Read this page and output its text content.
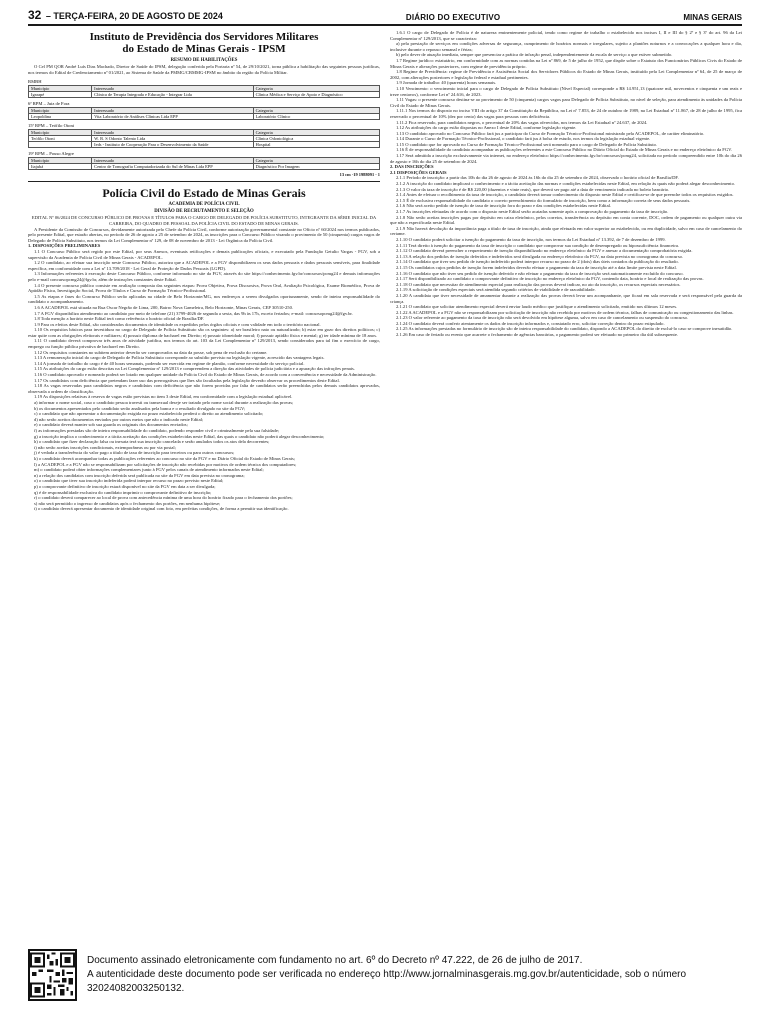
32 – TERÇA-FEIRA, 20 DE AGOSTO DE 2024	DIÁRIO DO EXECUTIVO	MINAS GERAIS
Instituto de Previdência dos Servidores Militares
do Estado de Minas Gerais - IPSM
RESUMO DE HABILITAÇÕES

O Cel PM QOR André Luís Dias Machado, Diretor de Saúde do IPSM, delegação conferida pela Portaria nº 54, de 29/10/2021, torna pública a habilitação das seguintes pessoas jurídicas, nos termos do Edital de Credenciamento nº 01/2021, ao Sistema de Saúde da PMMG/CBMMG-IPSM no âmbito da região da Polícia Militar.

RMBH
Município	Interessado	Categoria
Igarapé	Clínica de Terapia Integrada e Educação - Integrar Ltda	Clínica Médica e Serviço de Apoio e Diagnóstico
6ª RPM – Juiz de Fora
Município	Interessado	Categoria
Leopoldina	Vita Laboratório de Análises Clínicas Ltda EPP	Laboratório Clínico
15ª RPM – Teófilo Otoni
Município	Interessado	Categoria
Teófilo Otoni	W. R. S Odonto Talento Ltda	Clínica Odontológica
	Ieds - Instituto de Cooperação Para o Desenvolvimento da Saúde	Hospital
19ª RPM – Pouso Alegre
Município	Interessado	Categoria
Itajubá	Centro de Tomografia Computadorizada do Sul de Minas Ltda EPP	Diagnóstico Por Imagem
13 cm -19 1988091 - 1
Polícia Civil do Estado de Minas Gerais
ACADEMIA DE POLÍCIA CIVIL
DIVISÃO DE RECRUTAMENTO E SELEÇÃO

EDITAL Nº 06/2024 DE CONCURSO PÚBLICO DE PROVAS E TÍTULOS PARA O CARGO DE DELEGADO DE POLÍCIA SUBSTITUTO, INTEGRANTE DA SÉRIE INICIAL DA CARREIRA, DO QUADRO DE PESSOAL DA POLÍCIA CIVIL DO ESTADO DE MINAS GERAIS.

A Presidente da Comissão de Concursos, devidamente autorizada pelo Chefe da Polícia Civil, conforme autorização governamental constante no Ofício nº 60/2024 nos termos publicados, pelo presente Edital, que estarão abertas, no período de 26 de agosto a 25 de setembro de 2024, as inscrições para o Concurso Público visando o provimento de 50 (cinquenta) cargos vagos de Delegado de Polícia Substituto, nos termos da Lei Complementar nº 129, de 08 de novembro de 2013 - Lei Orgânica da Polícia Civil.

1. DISPOSIÇÕES PRELIMINARES

1.1 O Concurso Público será regido por este Edital, por seus Anexos, eventuais retificações e demais publicações oficiais, e executado pela Fundação Getulio Vargas - FGV, sob a supervisão da Academia de Polícia Civil de Minas Gerais - ACADEPOL.

1.2 O candidato, ao efetuar sua inscrição neste Concurso Público, autoriza que a ACADEPOL e a FGV disponibilizem os seus dados pessoais e dados pessoais sensíveis, para finalidade específica, em conformidade com a Lei nº 13.709/2018 - Lei Geral de Proteção de Dados Pessoais (LGPD).

1.3 Informações referentes à execução deste Concurso Público, conforme informado no site da FGV, através do site https://conhecimento.fgv.br/concursos/pcmg24 e demais informações pelo e-mail concursopcmg24@fgv.br, além de instruções constantes deste Edital.

1.4 O presente concurso público consiste em avaliação composta das seguintes etapas: Prova Objetiva, Prova Discursiva, Prova Oral, Avaliação Psicológica, Exame Biomédico, Prova de Aptidão Física, Investigação Social, Prova de Títulos e Curso de Formação Técnico-Profissional.

1.5 As etapas e fases do Concurso Público serão aplicadas na cidade de Belo Horizonte/MG, nos endereços a serem divulgados oportunamente, sendo de inteira responsabilidade do candidato o acompanhamento.

1.6 A ACADEPOL está situada na Rua Oscar Negrão de Lima, 200, Bairro Nova Gameleira, Belo Horizonte, Minas Gerais, CEP 30510-250.

1.7 A FGV disponibiliza atendimento ao candidato por meio de telefone (21) 3799-4026 de segunda a sexta, das 9h às 17h, exceto feriados; e-mail: concursopcmg24@fgv.br.

1.8 Toda menção a horário neste Edital terá como referência o horário oficial de Brasília/DF.

1.9 Para os efeitos deste Edital, são considerados documentos de identidade os expedidos pelos órgãos oficiais e com validade em todo o território nacional.

1.10 Os requisitos básicos para investidura no cargo de Delegado de Polícia Substituto são os seguintes: a) ser brasileiro nato ou naturalizado; b) estar em gozo dos direitos políticos; c) estar quite com as obrigações eleitorais e militares; d) possuir diploma de bacharel em Direito; e) possuir idoneidade moral; f) possuir aptidão física e mental; g) ter idade mínima de 18 anos.

1.11 O candidato deverá comprovar três anos de atividade jurídica, nos termos do art. 103 da Lei Complementar nº 129/2013, sendo considerados para tal fim o exercício de cargo, emprego ou função pública privativa de bacharel em Direito.

1.12 Os requisitos constantes no subitem anterior deverão ser comprovados na data da posse, sob pena de exclusão do certame.

1.13 A remuneração inicial do cargo de Delegado de Polícia Substituto corresponde ao subsídio previsto na legislação vigente, acrescido das vantagens legais.

1.14 A jornada de trabalho do cargo é de 40 horas semanais, podendo ser exercida em regime de plantão, conforme necessidade do serviço policial.

1.15 As atribuições do cargo estão descritas na Lei Complementar nº 129/2013 e compreendem a direção das atividades de polícia judiciária e a apuração das infrações penais.

1.16 O candidato aprovado e nomeado poderá ser lotado em qualquer unidade da Polícia Civil do Estado de Minas Gerais, de acordo com a conveniência e necessidade da Administração.

1.17 Os candidatos com deficiência que pretendam fazer uso das prerrogativas que lhes são facultadas pela legislação deverão observar os procedimentos deste Edital.

1.18 As vagas reservadas para candidatos negros e candidatos com deficiência que não forem providas por falta de candidatos serão preenchidas pelos demais candidatos aprovados, observada a ordem de classificação.

1.19 As disposições relativas à reserva de vagas estão previstas no item 3 deste Edital, em conformidade com a legislação estadual aplicável.

a) informar o nome social, caso o candidato pessoa travesti ou transexual deseje ser tratado pelo nome social durante a realização das provas;

b) os documentos apresentados pelo candidato serão analisados pela banca e o resultado divulgado no site da FGV;

c) o candidato que não apresentar a documentação exigida no prazo estabelecido perderá o direito ao atendimento solicitado;

d) não serão aceitos documentos enviados por outros meios que não o indicado neste Edital;

e) o candidato deverá manter sob sua guarda os originais dos documentos enviados;

f) as informações prestadas são de inteira responsabilidade do candidato, podendo responder civil e criminalmente pela sua falsidade;

g) a inscrição implica o conhecimento e a tácita aceitação das condições estabelecidas neste Edital, das quais o candidato não poderá alegar desconhecimento;

h) o candidato que fizer declaração falsa ou inexata terá sua inscrição cancelada e serão anulados todos os atos dela decorrentes;

i) não serão aceitas inscrições condicionais, extemporâneas ou por via postal;

j) é vedada a transferência do valor pago a título de taxa de inscrição para terceiros ou para outros concursos;

k) o candidato deverá acompanhar todas as publicações referentes ao concurso no site da FGV e no Diário Oficial do Estado de Minas Gerais;

l) a ACADEPOL e a FGV não se responsabilizam por solicitações de inscrição não recebidas por motivos de ordem técnica dos computadores;

m) o candidato poderá obter informações complementares junto à FGV pelos canais de atendimento informados neste Edital;

n) a relação dos candidatos com inscrição deferida será publicada no site da FGV em data prevista no cronograma;

o) o candidato que tiver sua inscrição indeferida poderá interpor recurso no prazo previsto neste Edital;

p) o comprovante definitivo de inscrição estará disponível no site da FGV em data a ser divulgada;

q) é de responsabilidade exclusiva do candidato imprimir o comprovante definitivo de inscrição;

r) o candidato deverá comparecer ao local de prova com antecedência mínima de uma hora do horário fixado para o fechamento dos portões;

s) não será permitido o ingresso de candidatos após o fechamento dos portões, em nenhuma hipótese;

t) o candidato deverá apresentar documento de identidade original com foto, em perfeitas condições, de forma a permitir sua identificação.

1.6.1 O cargo de Delegado de Polícia é de natureza eminentemente policial, tendo como regime de trabalho o estabelecido nos incisos I, II e III do § 2º e § 3º do art. 96 da Lei Complementar nº 129/2013, que se caracteriza:

a) pela prestação de serviços em condições adversas de segurança, cumprimento de horários normais e irregulares, sujeito a plantões noturnos e a convocações a qualquer hora e dia, inclusive durante o repouso semanal e férias;

b) pelo dever de atuação imediata, sempre que presenciar a prática de infração penal, independentemente da escala de serviço a que estiver submetido.

1.7 Regime jurídico: estatutário, em conformidade com as normas contidas na Lei nº 869, de 5 de julho de 1952, que dispõe sobre o Estatuto dos Funcionários Públicos Civis do Estado de Minas Gerais e alterações posteriores, com regime de previdência próprio.

1.8 Regime de Previdência: regime de Previdência e Assistência Social dos Servidores Públicos do Estado de Minas Gerais, instituído pela Lei Complementar nº 64, de 25 de março de 2002, com alterações posteriores e legislação federal e estadual pertinentes.

1.9 Jornada de trabalho: 40 (quarenta) horas semanais.

1.10 Vencimento: o vencimento inicial para o cargo de Delegado de Polícia Substituto (Nível Especial) corresponde a R$ 14.951,13 (quatorze mil, novecentos e cinquenta e um reais e treze centavos), conforme Lei nº 24.616, de 2023.

1.11 Vagas: o presente concurso destina-se ao provimento de 50 (cinquenta) cargos vagos para Delegado de Polícia Substituto, no nível de seleção, para atendimento às unidades da Polícia Civil do Estado de Minas Gerais.

1.11.1 Nos termos do disposto no inciso VIII do artigo 37 da Constituição da República, na Lei nº 7.853, de 24 de outubro de 1989, na Lei Estadual nº 11.867, de 28 de julho de 1995, fica reservado o percentual de 10% (dez por cento) das vagas para pessoas com deficiência.

1.11.2 Fica reservado, para candidatos negros, o percentual de 20% das vagas oferecidas, nos termos da Lei Estadual nº 24.637, de 2024.

1.12 As atribuições do cargo estão dispostas no Anexo I deste Edital, conforme legislação vigente.

1.13 O candidato aprovado no Concurso Público fará jus a participar do Curso de Formação Técnico-Profissional ministrado pela ACADEPOL, de caráter eliminatório.

1.14 Durante o Curso de Formação Técnico-Profissional, o candidato fará jus à bolsa de estudo, nos termos da legislação estadual vigente.

1.15 O candidato que for aprovado no Curso de Formação Técnico-Profissional será nomeado para o cargo de Delegado de Polícia Substituto.

1.16 É de responsabilidade do candidato acompanhar as publicações referentes a este Concurso Público no Diário Oficial do Estado de Minas Gerais e no endereço eletrônico da FGV.

1.17 Será admitida a inscrição exclusivamente via internet, no endereço eletrônico https://conhecimento.fgv.br/concursos/pcmg24, solicitada no período compreendido entre 10h do dia 26 de agosto e 16h do dia 25 de setembro de 2024.

2. DAS INSCRIÇÕES

2.1 DISPOSIÇÕES GERAIS

2.1.1 Período de inscrição: a partir das 10h do dia 26 de agosto de 2024 às 16h do dia 25 de setembro de 2024, observado o horário oficial de Brasília/DF.

2.1.2 A inscrição do candidato implicará o conhecimento e a tácita aceitação das normas e condições estabelecidas neste Edital, em relação às quais não poderá alegar desconhecimento.

2.1.3 O valor da taxa de inscrição é de R$ 220,00 (duzentos e vinte reais), que deverá ser pago até a data de vencimento indicada no boleto bancário.

2.1.4 Antes de efetuar o recolhimento da taxa de inscrição, o candidato deverá tomar conhecimento do disposto neste Edital e certificar-se de que preenche todos os requisitos exigidos.

2.1.5 É de exclusiva responsabilidade do candidato o correto preenchimento do formulário de inscrição, bem como a informação correta de seus dados pessoais.

2.1.6 Não será aceito pedido de isenção de taxa de inscrição fora do prazo e das condições estabelecidas neste Edital.

2.1.7 As inscrições efetuadas de acordo com o disposto neste Edital serão acatadas somente após a comprovação do pagamento da taxa de inscrição.

2.1.8 Não serão aceitas inscrições pagas por depósito em caixa eletrônico, pelos correios, transferência ou depósito em conta corrente, DOC, ordem de pagamento ou qualquer outra via que não a especificada neste Edital.

2.1.9 Não haverá devolução da importância paga a título de taxa de inscrição, ainda que efetuada em valor superior ao estabelecido, ou em duplicidade, salvo em caso de cancelamento do certame.

2.1.10 O candidato poderá solicitar a isenção do pagamento da taxa de inscrição, nos termos da Lei Estadual nº 13.392, de 7 de dezembro de 1999.

2.1.11 Terá direito à isenção do pagamento da taxa de inscrição o candidato que comprovar sua condição de desempregado ou hipossuficiência financeira.

2.1.12 O candidato deverá preencher o requerimento de isenção disponibilizado no endereço eletrônico da FGV e anexar a documentação comprobatória exigida.

2.1.13 A relação dos pedidos de isenção deferidos e indeferidos será divulgada no endereço eletrônico da FGV, na data prevista no cronograma do concurso.

2.1.14 O candidato que tiver seu pedido de isenção indeferido poderá interpor recurso no prazo de 2 (dois) dias úteis contados da publicação do resultado.

2.1.15 Os candidatos cujos pedidos de isenção forem indeferidos deverão efetuar o pagamento da taxa de inscrição até a data limite prevista neste Edital.

2.1.16 O candidato que não tiver seu pedido de isenção deferido e não efetuar o pagamento da taxa de inscrição será automaticamente excluído do concurso.

2.1.17 Será disponibilizado ao candidato o comprovante definitivo de inscrição no endereço eletrônico da FGV, contendo data, horário e local de realização das provas.

2.1.18 O candidato que necessitar de atendimento especial para realização das provas deverá indicar, no ato da inscrição, os recursos especiais necessários.

2.1.19 A solicitação de condições especiais será atendida segundo critérios de viabilidade e de razoabilidade.

2.1.20 A candidata que tiver necessidade de amamentar durante a realização das provas deverá levar um acompanhante, que ficará em sala reservada e será responsável pela guarda da criança.

2.1.21 O candidato que solicitar atendimento especial deverá enviar laudo médico que justifique o atendimento solicitado, emitido nos últimos 12 meses.

2.1.22 A ACADEPOL e a FGV não se responsabilizam por solicitação de inscrição não recebida por motivos de ordem técnica, falhas de comunicação ou congestionamento das linhas.

2.1.23 O valor referente ao pagamento da taxa de inscrição não será devolvido em hipótese alguma, salvo em caso de cancelamento ou suspensão do concurso.

2.1.24 O candidato deverá conferir atentamente os dados de inscrição informados e, constatado erro, solicitar correção dentro do prazo estipulado.

2.1.25 As informações prestadas no formulário de inscrição são de inteira responsabilidade do candidato, dispondo a ACADEPOL do direito de excluí-lo caso se comprove inexatidão.

2.1.26 Em caso de feriado ou evento que acarrete o fechamento de agências bancárias, o pagamento poderá ser efetuado no primeiro dia útil subsequente.

Documento assinado eletronicamente com fundamento no art. 6º do Decreto nº 47.222, de 26 de julho de 2017.
A autenticidade deste documento pode ser verificada no endereço http://www.jornalminasgerais.mg.gov.br/autenticidade, sob o número 32024082003250132.
